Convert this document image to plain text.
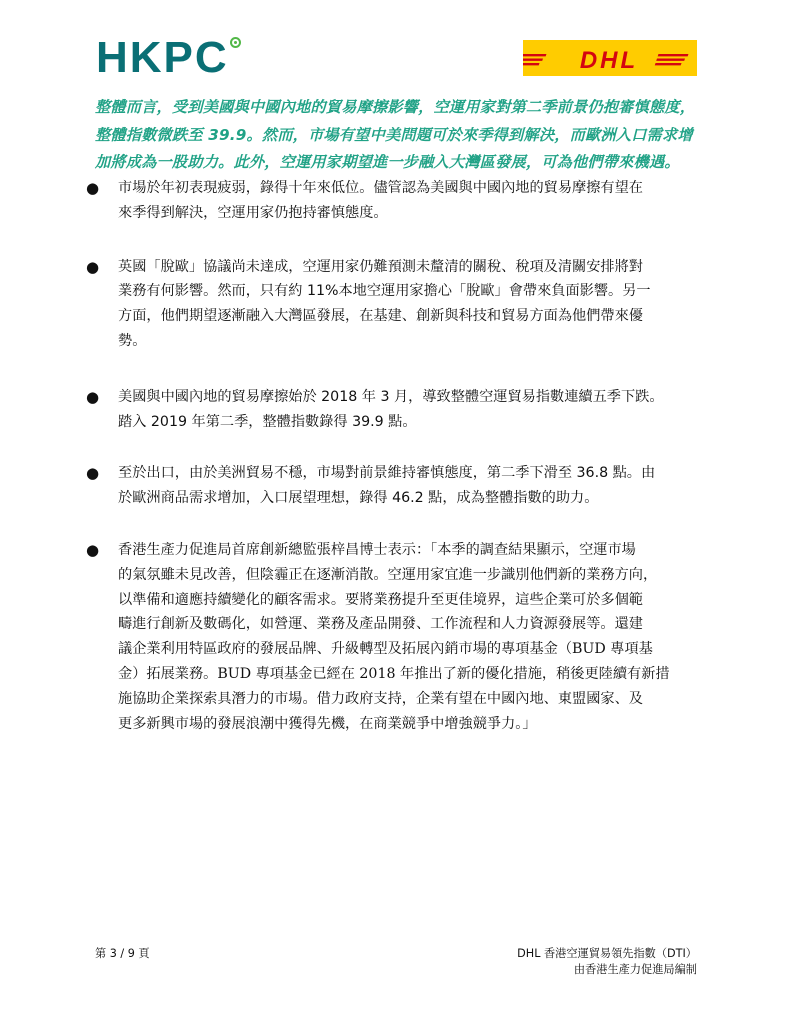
HKPC	DHL

整體而言，受到美國與中國內地的貿易摩擦影響，空運用家對第二季前景仍抱審慎態度，
整體指數微跌至 39.9。然而，市場有望中美問題可於來季得到解決，而歐洲入口需求增
加將成為一股助力。此外，空運用家期望進一步融入大灣區發展，可為他們帶來機遇。

● 市場於年初表現疲弱，錄得十年來低位。儘管認為美國與中國內地的貿易摩擦有望在
來季得到解決，空運用家仍抱持審慎態度。
● 英國「脫歐」協議尚未達成，空運用家仍難預測未釐清的關稅、稅項及清關安排將對
業務有何影響。然而，只有約 11%本地空運用家擔心「脫歐」會帶來負面影響。另一
方面，他們期望逐漸融入大灣區發展，在基建、創新與科技和貿易方面為他們帶來優
勢。
● 美國與中國內地的貿易摩擦始於 2018 年 3 月，導致整體空運貿易指數連續五季下跌。
踏入 2019 年第二季，整體指數錄得 39.9 點。
● 至於出口，由於美洲貿易不穩，市場對前景維持審慎態度，第二季下滑至 36.8 點。由
於歐洲商品需求增加，入口展望理想，錄得 46.2 點，成為整體指數的助力。
● 香港生產力促進局首席創新總監張梓昌博士表示：「本季的調查結果顯示，空運市場
的氣氛雖未見改善，但陰霾正在逐漸消散。空運用家宜進一步識別他們新的業務方向，
以準備和適應持續變化的顧客需求。要將業務提升至更佳境界，這些企業可於多個範
疇進行創新及數碼化，如營運、業務及產品開發、工作流程和人力資源發展等。還建
議企業利用特區政府的發展品牌、升級轉型及拓展內銷市場的專項基金（BUD 專項基
金）拓展業務。BUD 專項基金已經在 2018 年推出了新的優化措施，稍後更陸續有新措
施協助企業探索具潛力的市場。借力政府支持，企業有望在中國內地、東盟國家、及
更多新興市場的發展浪潮中獲得先機，在商業競爭中增強競爭力。」
第 3 / 9 頁	DHL 香港空運貿易領先指數（DTI）
由香港生產力促進局編制
